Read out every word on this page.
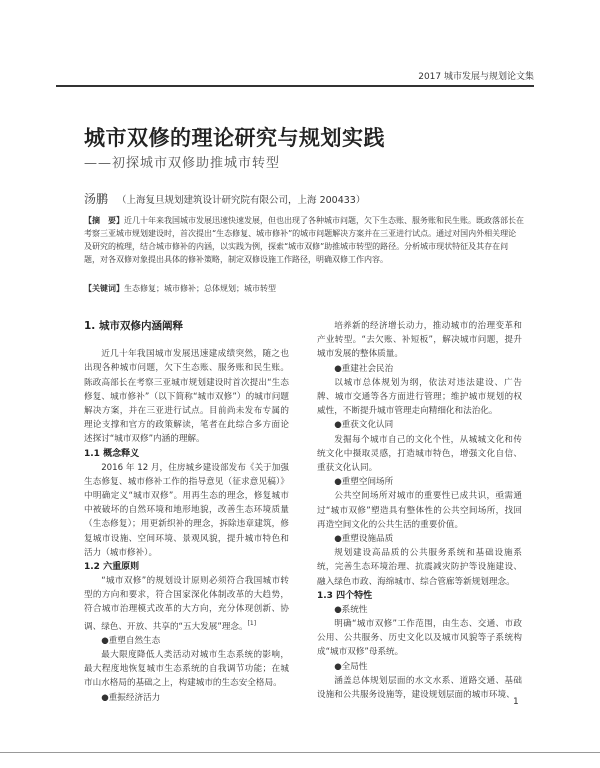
2017 城市发展与规划论文集
城市双修的理论研究与规划实践
——初探城市双修助推城市转型
汤鹏 （上海复旦规划建筑设计研究院有限公司，上海 200433）
【摘　要】近几十年来我国城市发展迅速快速发展，但也出现了各种城市问题，欠下生态账、服务账和民生账。既政落部长在考察三亚城市规划建设时，首次提出“生态修复、城市修补”的城市问题解决方案并在三亚进行试点。通过对国内外相关理论及研究的梳理，结合城市修补的内涵，以实践为例，探索“城市双修”助推城市转型的路径。分析城市现状特征及其存在问题，对各双修对象提出具体的修补策略，制定双修设施工作路径，明确双修工作内容。
【关键词】生态修复；城市修补；总体规划；城市转型
1. 城市双修内涵阐释

近几十年我国城市发展迅速建成绩突然，随之也出现各种城市问题，欠下生态账、服务账和民生账。陈政高部长在考察三亚城市规划建设时首次提出“生态修复、城市修补”（以下简称“城市双修”）的城市问题解决方案，并在三亚进行试点。目前尚未发布专属的理论支撑和官方的政策解读，笔者在此综合多方面论述探讨“城市双修”内涵的理解。

1.1 概念释义

2016 年 12 月，住房城乡建设部发布《关于加强生态修复、城市修补工作的指导意见（征求意见稿）》中明确定义“城市双修”。用再生态的理念，修复城市中被破坏的自然环境和地形地貌，改善生态环境质量（生态修复）；用更新织补的理念，拆除违章建筑，修复城市设施、空间环境、景观风貌，提升城市特色和活力（城市修补）。

1.2 六重原则

“城市双修”的规划设计原则必须符合我国城市转型的方向和要求，符合国家深化体制改革的大趋势，符合城市治理模式改革的大方向，充分体现创新、协调、绿色、开放、共享的“五大发展”理念。[1]

●重塑自然生态

最大限度降低人类活动对城市生态系统的影响，最大程度地恢复城市生态系统的自我调节功能；在城市山水格局的基础之上，构建城市的生态安全格局。

●重振经济活力

培养新的经济增长动力，推动城市的治理变革和产业转型。“去欠账、补短板”，解决城市问题，提升城市发展的整体质量。

●重建社会民治

以城市总体规划为纲，依法对违法建设、广告牌、城市交通等各方面进行管理；维护城市规划的权威性，不断提升城市管理走向精细化和法治化。

●重获文化认同

发掘每个城市自己的文化个性，从城城文化和传统文化中摄取灵感，打造城市特色，增强文化自信、重获文化认同。

●重塑空间场所

公共空间场所对城市的重要性已成共识，亟需通过“城市双修”塑造具有整体性的公共空间场所，找回再造空间文化的公共生活的重要价值。

●重塑设施品质

规划建设高品质的公共服务系统和基础设施系统，完善生态环境治理、抗震减灾防护等设施建设、融入绿色市政、海绵城市、综合管廊等新规划理念。

1.3 四个特性
●系统性

明确“城市双修”工作范围，由生态、交通、市政公用、公共服务、历史文化以及城市风貌等子系统构成“城市双修”母系统。

●全局性

涵盖总体规划层面的水文水系、道路交通、基础设施和公共服务设施等，建设规划层面的城市环境、

1
